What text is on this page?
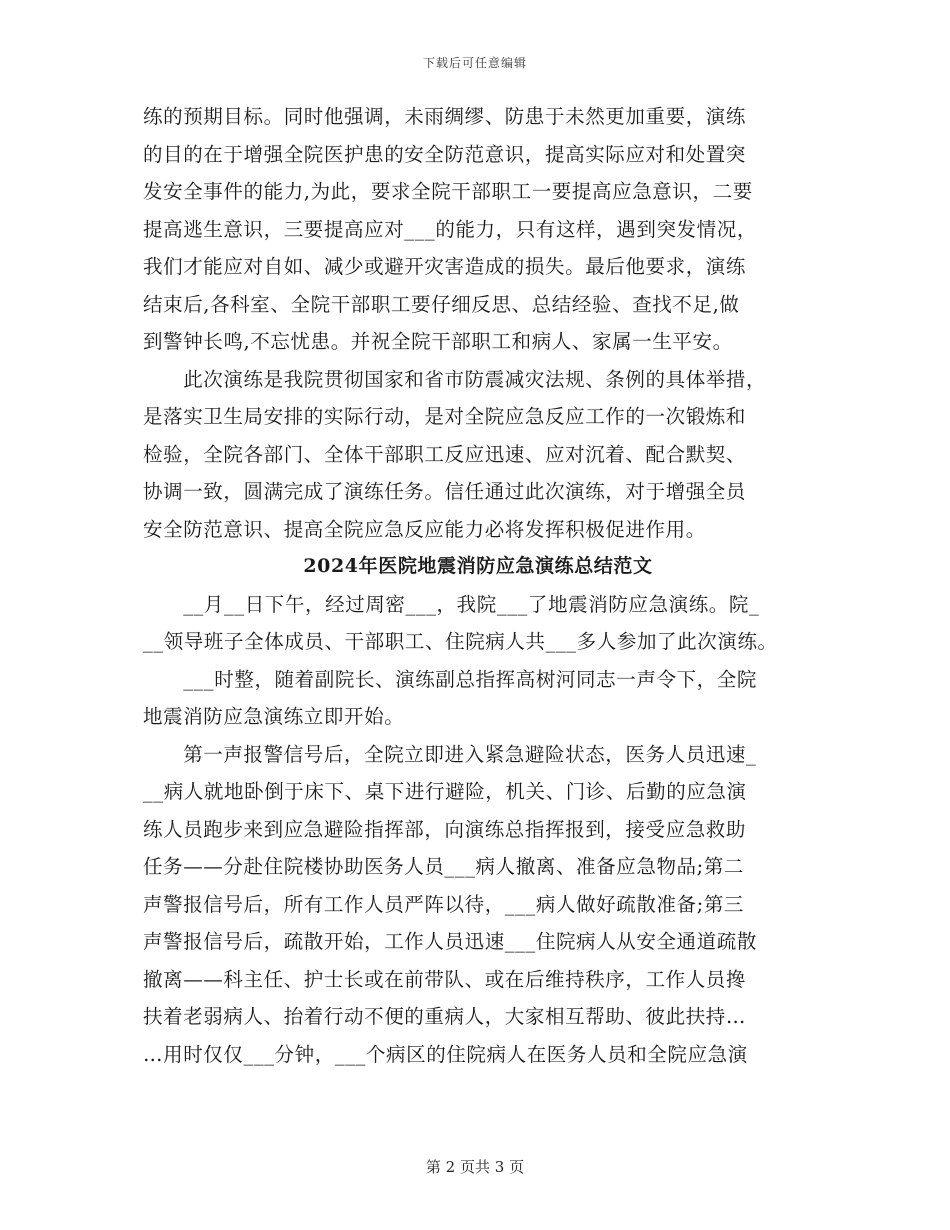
下载后可任意编辑
练的预期目标。同时他强调，未雨绸缪、防患于未然更加重要，演练
的目的在于增强全院医护患的安全防范意识，提高实际应对和处置突
发安全事件的能力,为此，要求全院干部职工一要提高应急意识，二要
提高逃生意识，三要提高应对___的能力，只有这样，遇到突发情况，
我们才能应对自如、减少或避开灾害造成的损失。最后他要求，演练
结束后,各科室、全院干部职工要仔细反思、总结经验、查找不足,做
到警钟长鸣,不忘忧患。并祝全院干部职工和病人、家属一生平安。
　　此次演练是我院贯彻国家和省市防震减灾法规、条例的具体举措，
是落实卫生局安排的实际行动，是对全院应急反应工作的一次锻炼和
检验，全院各部门、全体干部职工反应迅速、应对沉着、配合默契、
协调一致，圆满完成了演练任务。信任通过此次演练，对于增强全员
安全防范意识、提高全院应急反应能力必将发挥积极促进作用。
2024年医院地震消防应急演练总结范文
　　__月__日下午，经过周密___，我院___了地震消防应急演练。院_
__领导班子全体成员、干部职工、住院病人共___多人参加了此次演练。
　　___时整，随着副院长、演练副总指挥高树河同志一声令下，全院
地震消防应急演练立即开始。
　　第一声报警信号后，全院立即进入紧急避险状态，医务人员迅速_
__病人就地卧倒于床下、桌下进行避险，机关、门诊、后勤的应急演
练人员跑步来到应急避险指挥部，向演练总指挥报到，接受应急救助
任务——分赴住院楼协助医务人员___病人撤离、准备应急物品;第二
声警报信号后，所有工作人员严阵以待，___病人做好疏散准备;第三
声警报信号后，疏散开始，工作人员迅速___住院病人从安全通道疏散
撤离——科主任、护士长或在前带队、或在后维持秩序，工作人员搀
扶着老弱病人、抬着行动不便的重病人，大家相互帮助、彼此扶持…
…用时仅仅___分钟，___个病区的住院病人在医务人员和全院应急演
第 2 页共 3 页
